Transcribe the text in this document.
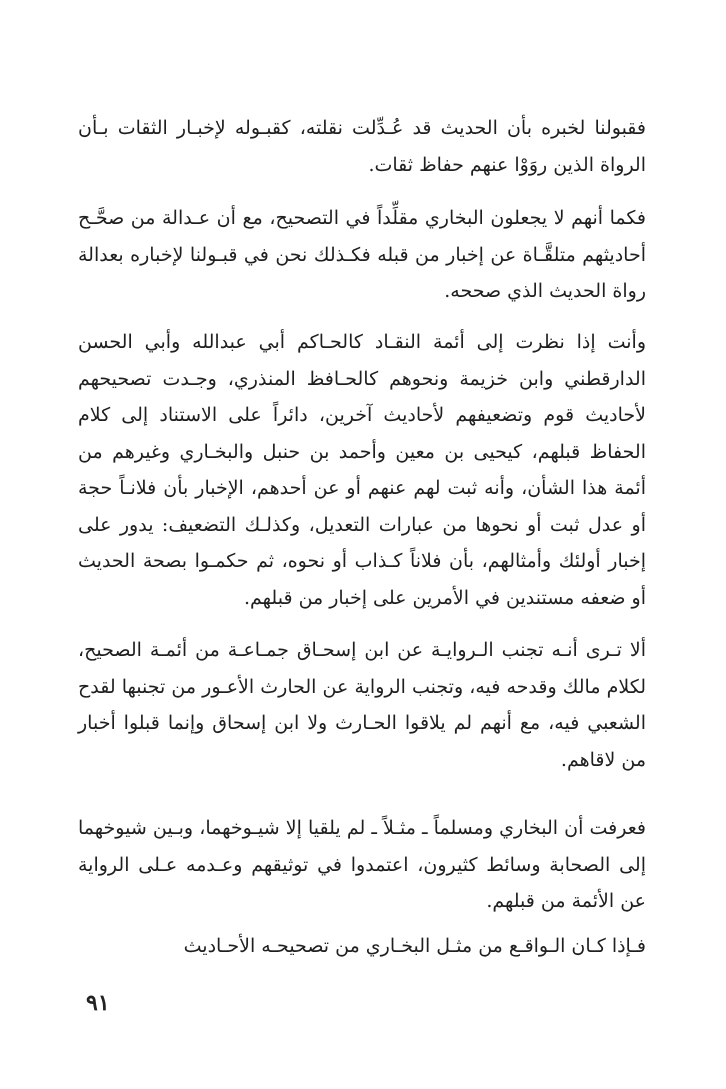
فقبولنا لخبره بأن الحديث قد عُـدِّلت نقلته، كقبـوله لإخبـار الثقات بـأن الرواة الذين روَوْا عنهم حفاظ ثقات.

فكما أنهم لا يجعلون البخاري مقلِّداً في التصحيح، مع أن عـدالة من صحَّـح أحاديثهم متلقَّـاة عن إخبار من قبله فكـذلك نحن في قبـولنا لإخباره بعدالة رواة الحديث الذي صححه.

وأنت إذا نظرت إلى أئمة النقـاد كالحـاكم أبي عبدالله وأبي الحسن الدارقطني وابن خزيمة ونحوهم كالحـافظ المنذري، وجـدت تصحيحهم لأحاديث قوم وتضعيفهم لأحاديث آخرين، دائراً على الاستناد إلى كلام الحفاظ قبلهم، كيحيى بن معين وأحمد بن حنبل والبخـاري وغيرهم من أئمة هذا الشأن، وأنه ثبت لهم عنهم أو عن أحدهم، الإخبار بأن فلانـاً حجة أو عدل ثبت أو نحوها من عبارات التعديل، وكذلـك التضعيف: يدور على إخبار أولئك وأمثالهم، بأن فلاناً كـذاب أو نحوه، ثم حكمـوا بصحة الحديث أو ضعفه مستندين في الأمرين على إخبار من قبلهم.

ألا تـرى أنـه تجنب الـروايـة عن ابن إسحـاق جمـاعـة من أئمـة الصحيح، لكلام مالك وقدحه فيه، وتجنب الرواية عن الحارث الأعـور من تجنبها لقدح الشعبي فيه، مع أنهم لم يلاقوا الحـارث ولا ابن إسحاق وإنما قبلوا أخبار من لاقاهم.

فعرفت أن البخاري ومسلماً ـ مثـلاً ـ لم يلقيا إلا شيـوخهما، وبـين شيوخهما إلى الصحابة وسائط كثيرون، اعتمدوا في توثيقهم وعـدمه عـلى الرواية عن الأئمة من قبلهم.

فـإذا كـان الـواقـع من مثـل البخـاري من تصحيحـه الأحـاديث

٩١
